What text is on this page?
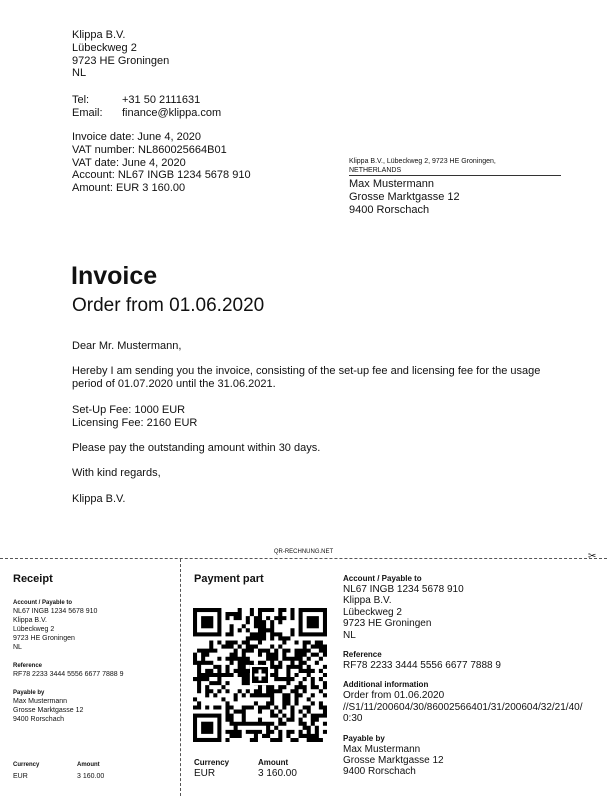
Klippa B.V.
Lübeckweg 2
9723 HE Groningen
NL
Tel:	+31 50 2111631
Email: finance@klippa.com
Invoice date: June 4, 2020
VAT number: NL860025664B01
VAT date: June 4, 2020
Account: NL67 INGB 1234 5678 910
Amount: EUR 3 160.00
Klippa B.V., Lübeckweg 2, 9723 HE Groningen,
NETHERLANDS
Max Mustermann
Grosse Marktgasse 12
9400 Rorschach
Invoice
Order from 01.06.2020
Dear Mr. Mustermann,
Hereby I am sending you the invoice, consisting of the set-up fee and licensing fee for the usage
period of 01.07.2020 until the 31.06.2021.
Set-Up Fee: 1000 EUR
Licensing Fee: 2160 EUR
Please pay the outstanding amount within 30 days.
With kind regards,
Klippa B.V.
QR-RECHNUNG.NET	✂
Receipt
Account / Payable to
NL67 INGB 1234 5678 910
Klippa B.V.
Lübeckweg 2
9723 HE Groningen
NL
Reference
RF78 2233 3444 5556 6677 7888 9
Payable by
Max Mustermann
Grosse Marktgasse 12
9400 Rorschach
Currency
EUR
Amount
3 160.00
Payment part
Currency
EUR
Amount
3 160.00
Account / Payable to
NL67 INGB 1234 5678 910
Klippa B.V.
Lübeckweg 2
9723 HE Groningen
NL
Reference
RF78 2233 3444 5556 6677 7888 9
Additional information
Order from 01.06.2020
//S1/11/200604/30/86002566401/31/200604/32/21/40/
0:30
Payable by
Max Mustermann
Grosse Marktgasse 12
9400 Rorschach
